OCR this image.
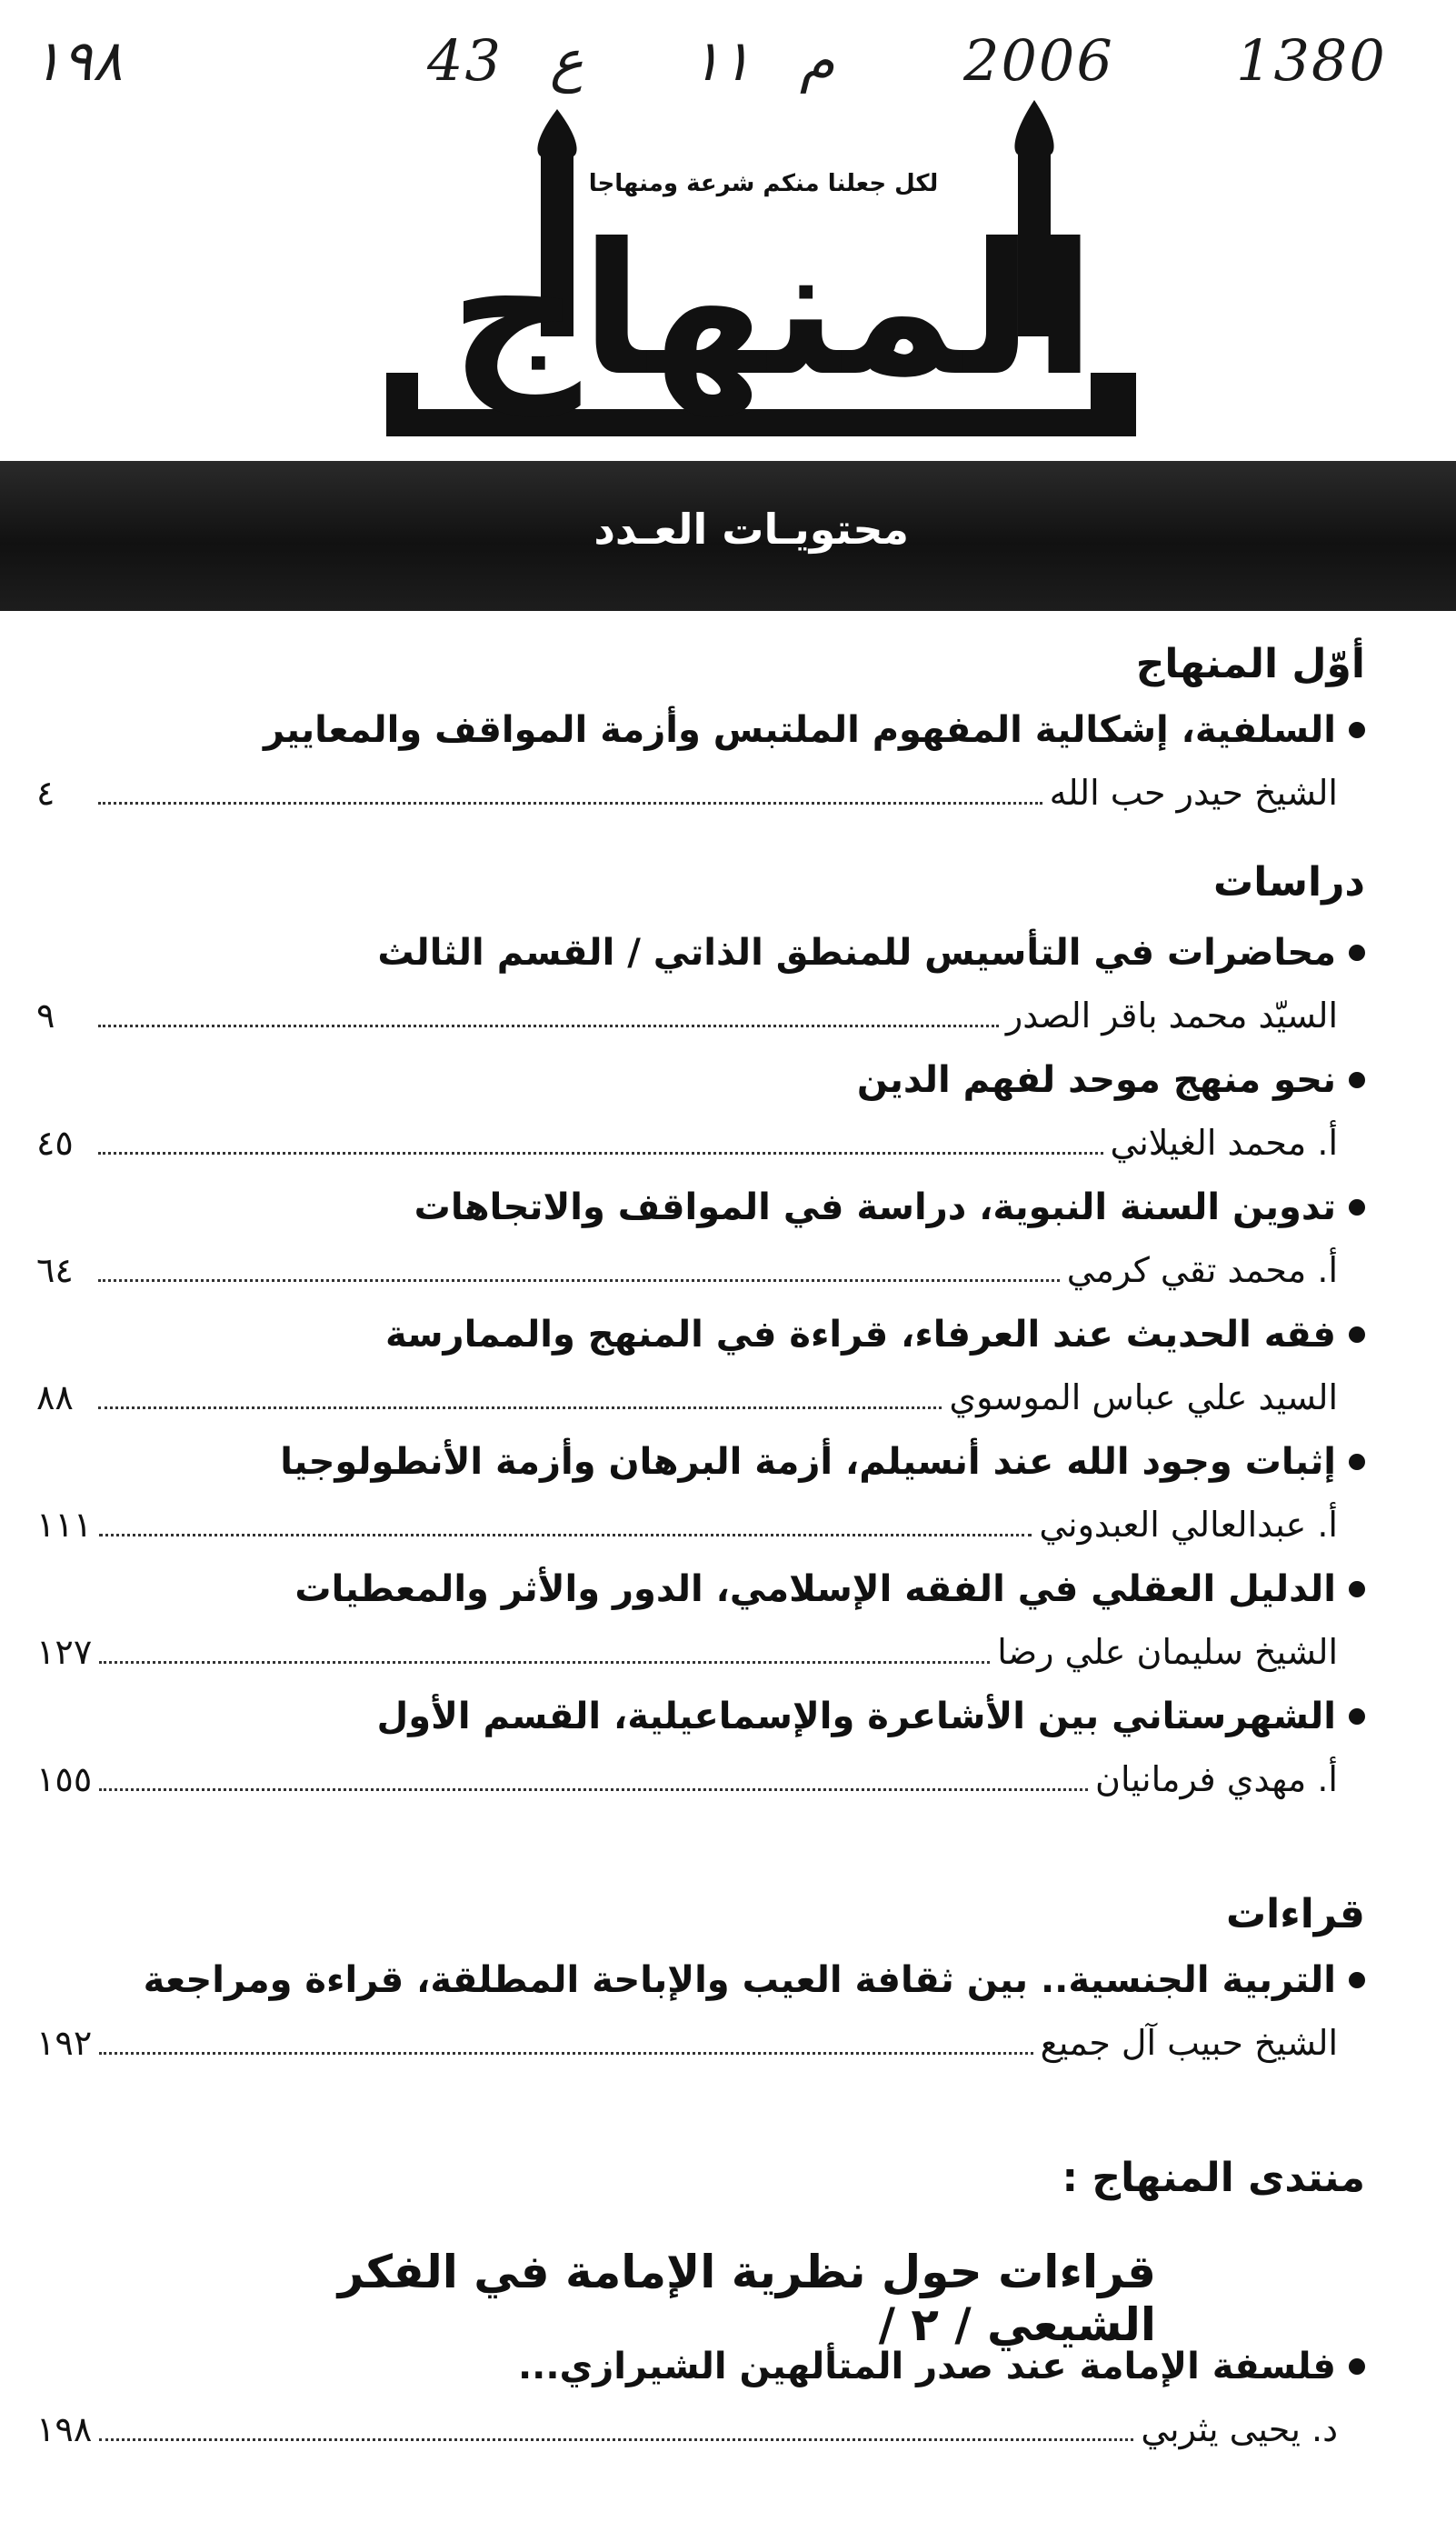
١٩٨	43 ع ١١ م 2006 1380
المنهاج
لكل جعلنا منكم شرعة ومنهاجا
محتويـات العـدد
أوّل المنهاج
السلفية، إشكالية المفهوم الملتبس وأزمة المواقف والمعايير
الشيخ حيدر حب الله
٤
دراسات
محاضرات في التأسيس للمنطق الذاتي / القسم الثالث
السيّد محمد باقر الصدر
٩
نحو منهج موحد لفهم الدين
أ. محمد الغيلاني
٤٥
تدوين السنة النبوية، دراسة في المواقف والاتجاهات
أ. محمد تقي كرمي
٦٤
فقه الحديث عند العرفاء، قراءة في المنهج والممارسة
السيد علي عباس الموسوي
٨٨
إثبات وجود الله عند أنسيلم، أزمة البرهان وأزمة الأنطولوجيا
أ. عبدالعالي العبدوني
١١١
الدليل العقلي في الفقه الإسلامي، الدور والأثر والمعطيات
الشيخ سليمان علي رضا
١٢٧
الشهرستاني بين الأشاعرة والإسماعيلية، القسم الأول
أ. مهدي فرمانيان
١٥٥
قراءات
التربية الجنسية.. بين ثقافة العيب والإباحة المطلقة، قراءة ومراجعة
الشيخ حبيب آل جميع
١٩٢
منتدى المنهاج :
قراءات حول نظرية الإمامة في الفكر الشيعي / ٢ /
فلسفة الإمامة عند صدر المتألهين الشيرازي...
د. يحيى يثربي
١٩٨
